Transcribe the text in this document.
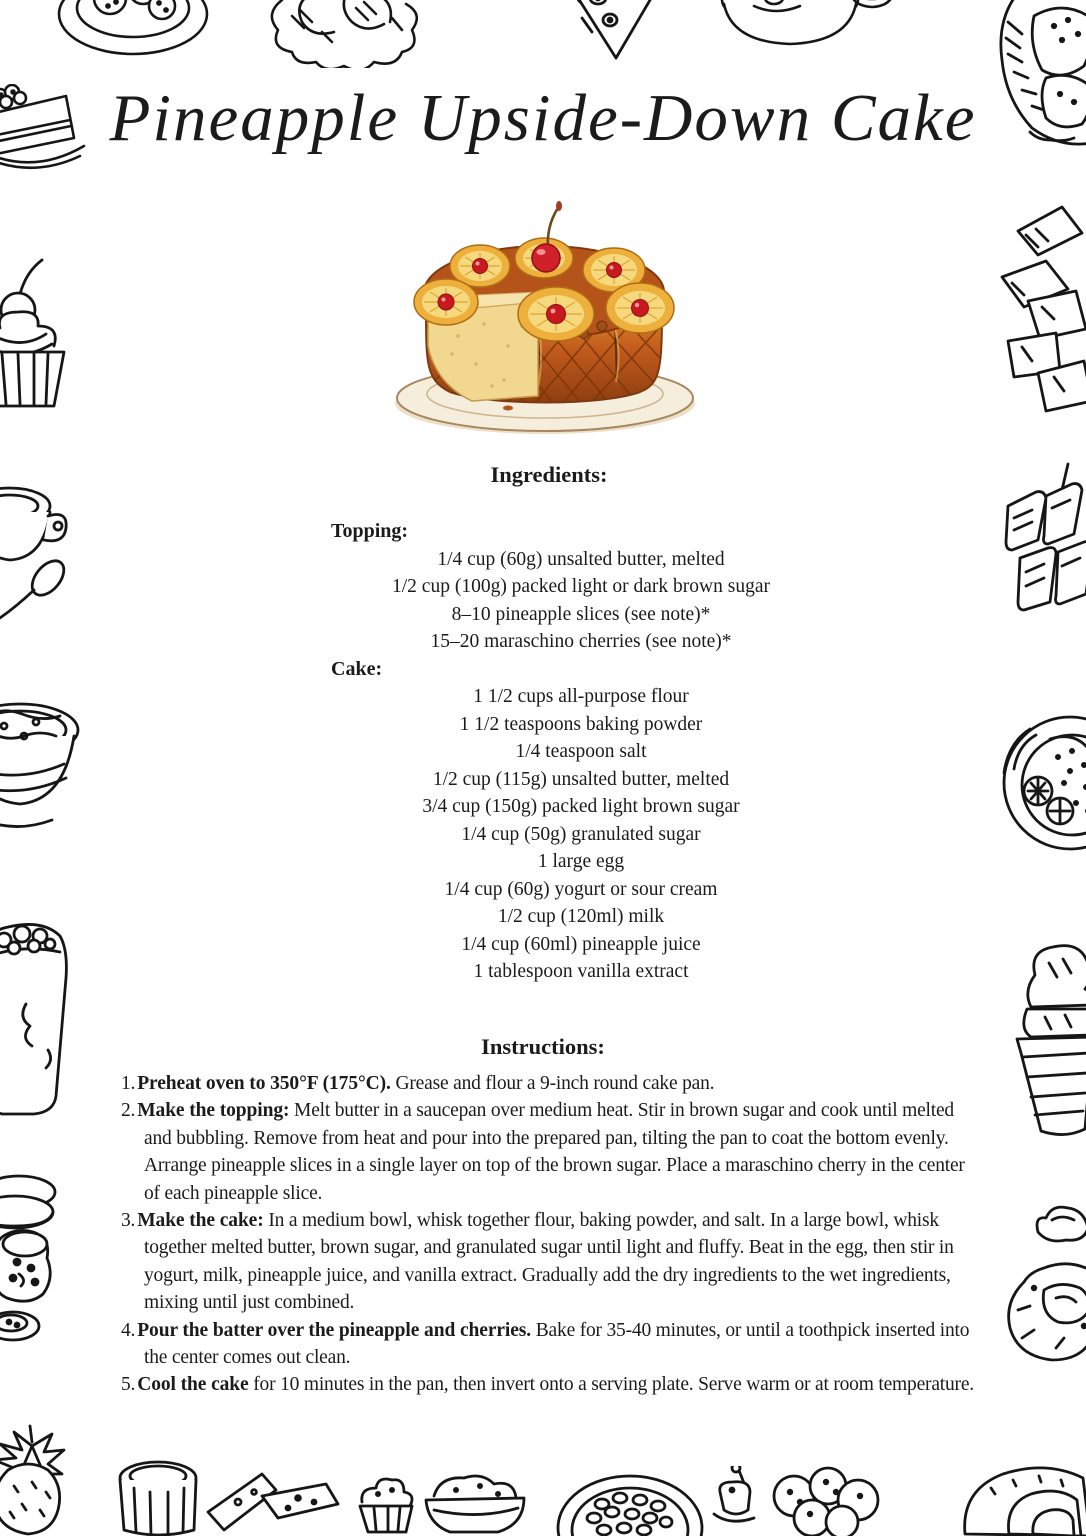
Pineapple Upside-Down Cake
Ingredients:
Topping:
1/4 cup (60g) unsalted butter, melted
1/2 cup (100g) packed light or dark brown sugar
8–10 pineapple slices (see note)*
15–20 maraschino cherries (see note)*
Cake:
1 1/2 cups all-purpose flour
1 1/2 teaspoons baking powder
1/4 teaspoon salt
1/2 cup (115g) unsalted butter, melted
3/4 cup (150g) packed light brown sugar
1/4 cup (50g) granulated sugar
1 large egg
1/4 cup (60g) yogurt or sour cream
1/2 cup (120ml) milk
1/4 cup (60ml) pineapple juice
1 tablespoon vanilla extract
Instructions:
1. Preheat oven to 350°F (175°C). Grease and flour a 9-inch round cake pan.
2. Make the topping: Melt butter in a saucepan over medium heat. Stir in brown sugar and cook until melted and bubbling. Remove from heat and pour into the prepared pan, tilting the pan to coat the bottom evenly. Arrange pineapple slices in a single layer on top of the brown sugar. Place a maraschino cherry in the center of each pineapple slice.
3. Make the cake: In a medium bowl, whisk together flour, baking powder, and salt. In a large bowl, whisk together melted butter, brown sugar, and granulated sugar until light and fluffy. Beat in the egg, then stir in yogurt, milk, pineapple juice, and vanilla extract. Gradually add the dry ingredients to the wet ingredients, mixing until just combined.
4. Pour the batter over the pineapple and cherries. Bake for 35-40 minutes, or until a toothpick inserted into the center comes out clean.
5. Cool the cake for 10 minutes in the pan, then invert onto a serving plate. Serve warm or at room temperature.
